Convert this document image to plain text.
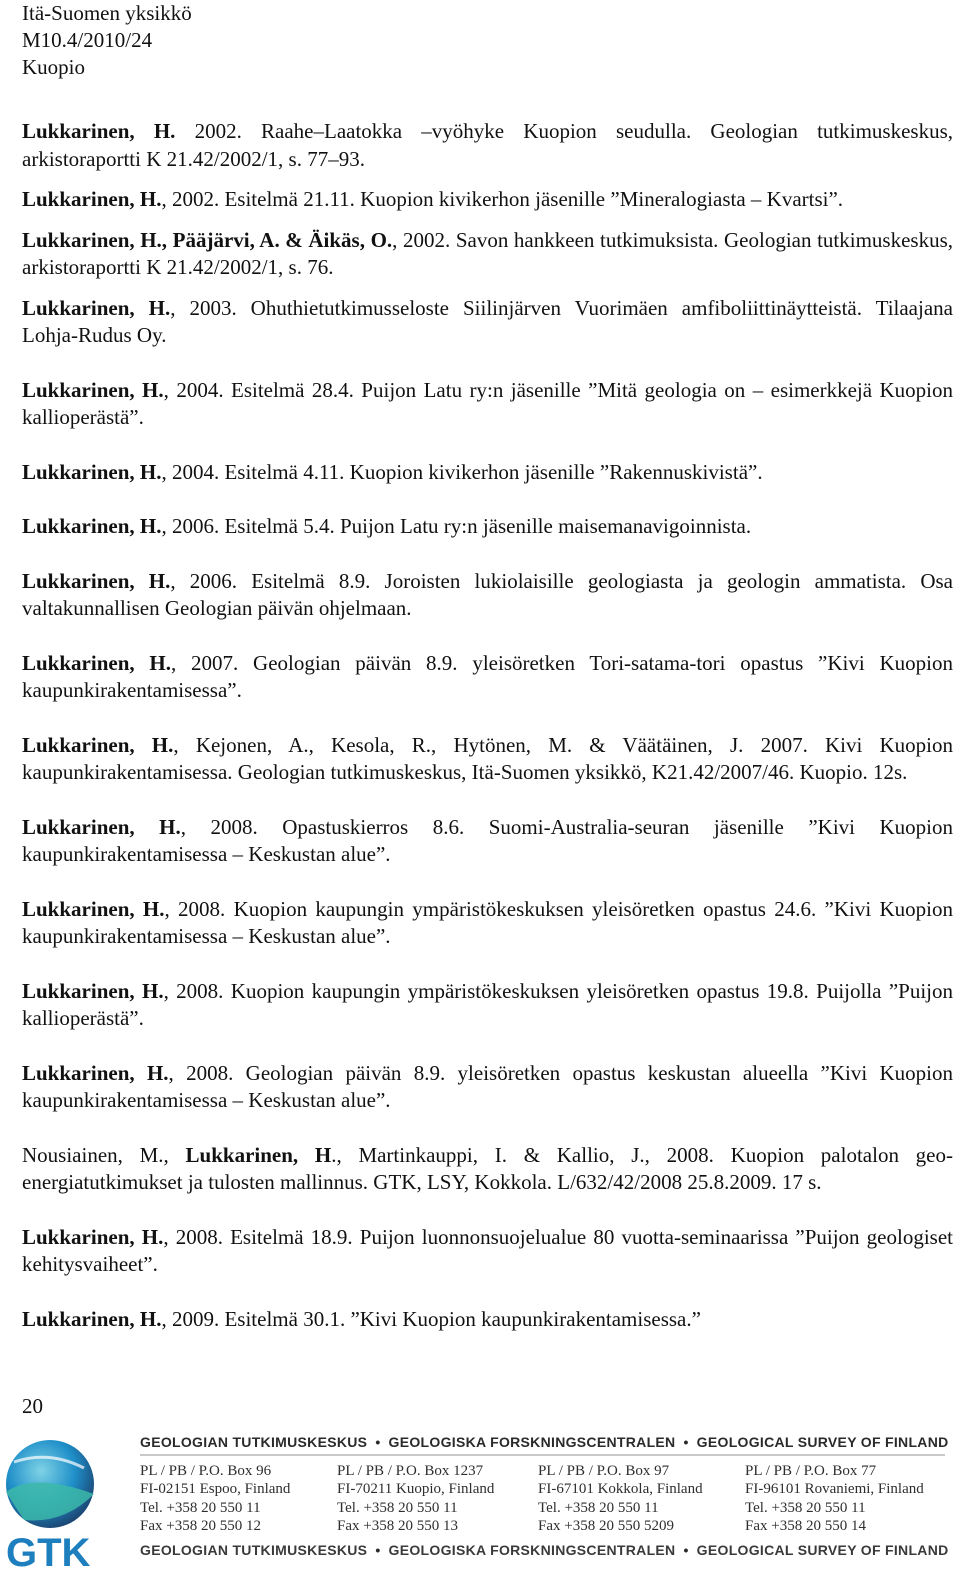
Itä-Suomen yksikkö
M10.4/2010/24
Kuopio

Lukkarinen, H. 2002. Raahe–Laatokka –vyöhyke Kuopion seudulla. Geologian tutkimuskeskus, arkistoraportti K 21.42/2002/1, s. 77–93.

Lukkarinen, H., 2002. Esitelmä 21.11. Kuopion kivikerhon jäsenille ”Mineralogiasta – Kvartsi”.

Lukkarinen, H., Pääjärvi, A. & Äikäs, O., 2002. Savon hankkeen tutkimuksista. Geologian tutkimuskeskus, arkistoraportti K 21.42/2002/1, s. 76.

Lukkarinen, H., 2003. Ohuthietutkimusseloste Siilinjärven Vuorimäen amfiboliittinäytteistä. Tilaajana Lohja-Rudus Oy.

Lukkarinen, H., 2004. Esitelmä 28.4. Puijon Latu ry:n jäsenille ”Mitä geologia on – esimerkkejä Kuopion kallioperästä”.

Lukkarinen, H., 2004. Esitelmä 4.11. Kuopion kivikerhon jäsenille ”Rakennuskivistä”.

Lukkarinen, H., 2006. Esitelmä 5.4. Puijon Latu ry:n jäsenille maisemanavigoinnista.

Lukkarinen, H., 2006. Esitelmä 8.9. Joroisten lukiolaisille geologiasta ja geologin ammatista. Osa valtakunnallisen Geologian päivän ohjelmaan.

Lukkarinen, H., 2007. Geologian päivän 8.9. yleisöretken Tori-satama-tori opastus ”Kivi Kuopion kaupunkirakentamisessa”.

Lukkarinen, H., Kejonen, A., Kesola, R., Hytönen, M. & Väätäinen, J. 2007. Kivi Kuopion kaupunkirakentamisessa. Geologian tutkimuskeskus, Itä-Suomen yksikkö, K21.42/2007/46. Kuopio. 12s.

Lukkarinen, H., 2008. Opastuskierros 8.6. Suomi-Australia-seuran jäsenille ”Kivi Kuopion kaupunkirakentamisessa – Keskustan alue”.

Lukkarinen, H., 2008. Kuopion kaupungin ympäristökeskuksen yleisöretken opastus 24.6. ”Kivi Kuopion kaupunkirakentamisessa – Keskustan alue”.

Lukkarinen, H., 2008. Kuopion kaupungin ympäristökeskuksen yleisöretken opastus 19.8. Puijolla ”Puijon kallioperästä”.

Lukkarinen, H., 2008. Geologian päivän 8.9. yleisöretken opastus keskustan alueella ”Kivi Kuopion kaupunkirakentamisessa – Keskustan alue”.

Nousiainen, M., Lukkarinen, H., Martinkauppi, I. & Kallio, J., 2008. Kuopion palotalon geo-energiatutkimukset ja tulosten mallinnus. GTK, LSY, Kokkola. L/632/42/2008 25.8.2009. 17 s.

Lukkarinen, H., 2008. Esitelmä 18.9. Puijon luonnonsuojelualue 80 vuotta-seminaarissa ”Puijon geologiset kehitysvaiheet”.

Lukkarinen, H., 2009. Esitelmä 30.1. ”Kivi Kuopion kaupunkirakentamisessa.”

20
GTK
GEOLOGIAN TUTKIMUSKESKUS • GEOLOGISKA FORSKNINGSCENTRALEN • GEOLOGICAL SURVEY OF FINLAND
PL / PB / P.O. Box 96
FI-02151 Espoo, Finland
Tel. +358 20 550 11
Fax +358 20 550 12
PL / PB / P.O. Box 1237
FI-70211 Kuopio, Finland
Tel. +358 20 550 11
Fax +358 20 550 13
PL / PB / P.O. Box 97
FI-67101 Kokkola, Finland
Tel. +358 20 550 11
Fax +358 20 550 5209
PL / PB / P.O. Box 77
FI-96101 Rovaniemi, Finland
Tel. +358 20 550 11
Fax +358 20 550 14
GEOLOGIAN TUTKIMUSKESKUS • GEOLOGISKA FORSKNINGSCENTRALEN • GEOLOGICAL SURVEY OF FINLAND
